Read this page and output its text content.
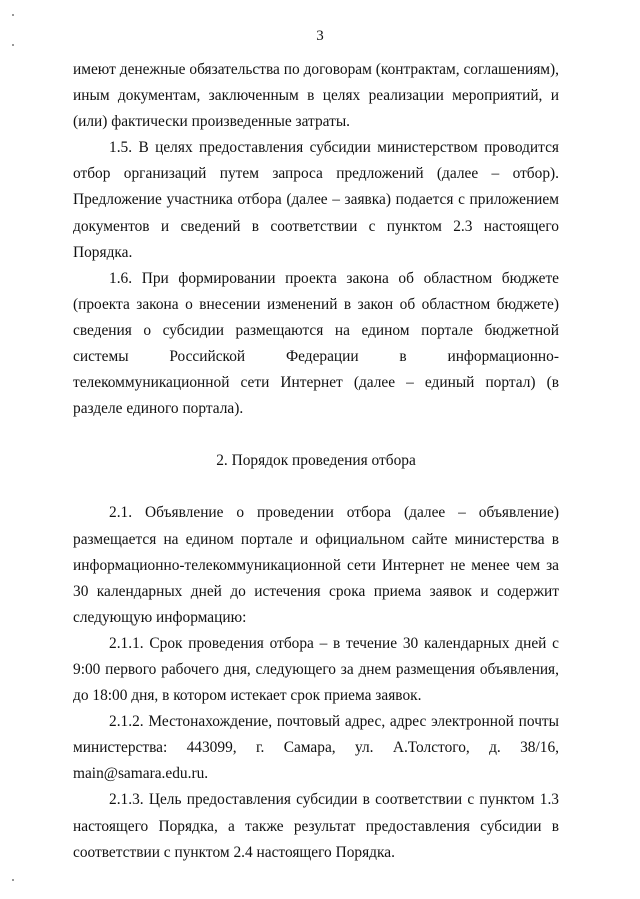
3

имеют денежные обязательства по договорам (контрактам, соглашениям), иным документам, заключенным в целях реализации мероприятий, и (или) фактически произведенные затраты.

1.5. В целях предоставления субсидии министерством проводится отбор организаций путем запроса предложений (далее – отбор). Предложение участника отбора (далее – заявка) подается с приложением документов и сведений в соответствии с пунктом 2.3 настоящего Порядка.

1.6. При формировании проекта закона об областном бюджете (проекта закона о внесении изменений в закон об областном бюджете) сведения о субсидии размещаются на едином портале бюджетной системы Российской Федерации в информационно-телекоммуникационной сети Интернет (далее – единый портал) (в разделе единого портала).

2. Порядок проведения отбора

2.1. Объявление о проведении отбора (далее – объявление) размещается на едином портале и официальном сайте министерства в информационно-телекоммуникационной сети Интернет не менее чем за 30 календарных дней до истечения срока приема заявок и содержит следующую информацию:

2.1.1. Срок проведения отбора – в течение 30 календарных дней с 9:00 первого рабочего дня, следующего за днем размещения объявления, до 18:00 дня, в котором истекает срок приема заявок.

2.1.2. Местонахождение, почтовый адрес, адрес электронной почты министерства: 443099, г. Самара, ул. А.Толстого, д. 38/16, main@samara.edu.ru.

2.1.3. Цель предоставления субсидии в соответствии с пунктом 1.3 настоящего Порядка, а также результат предоставления субсидии в соответствии с пунктом 2.4 настоящего Порядка.
